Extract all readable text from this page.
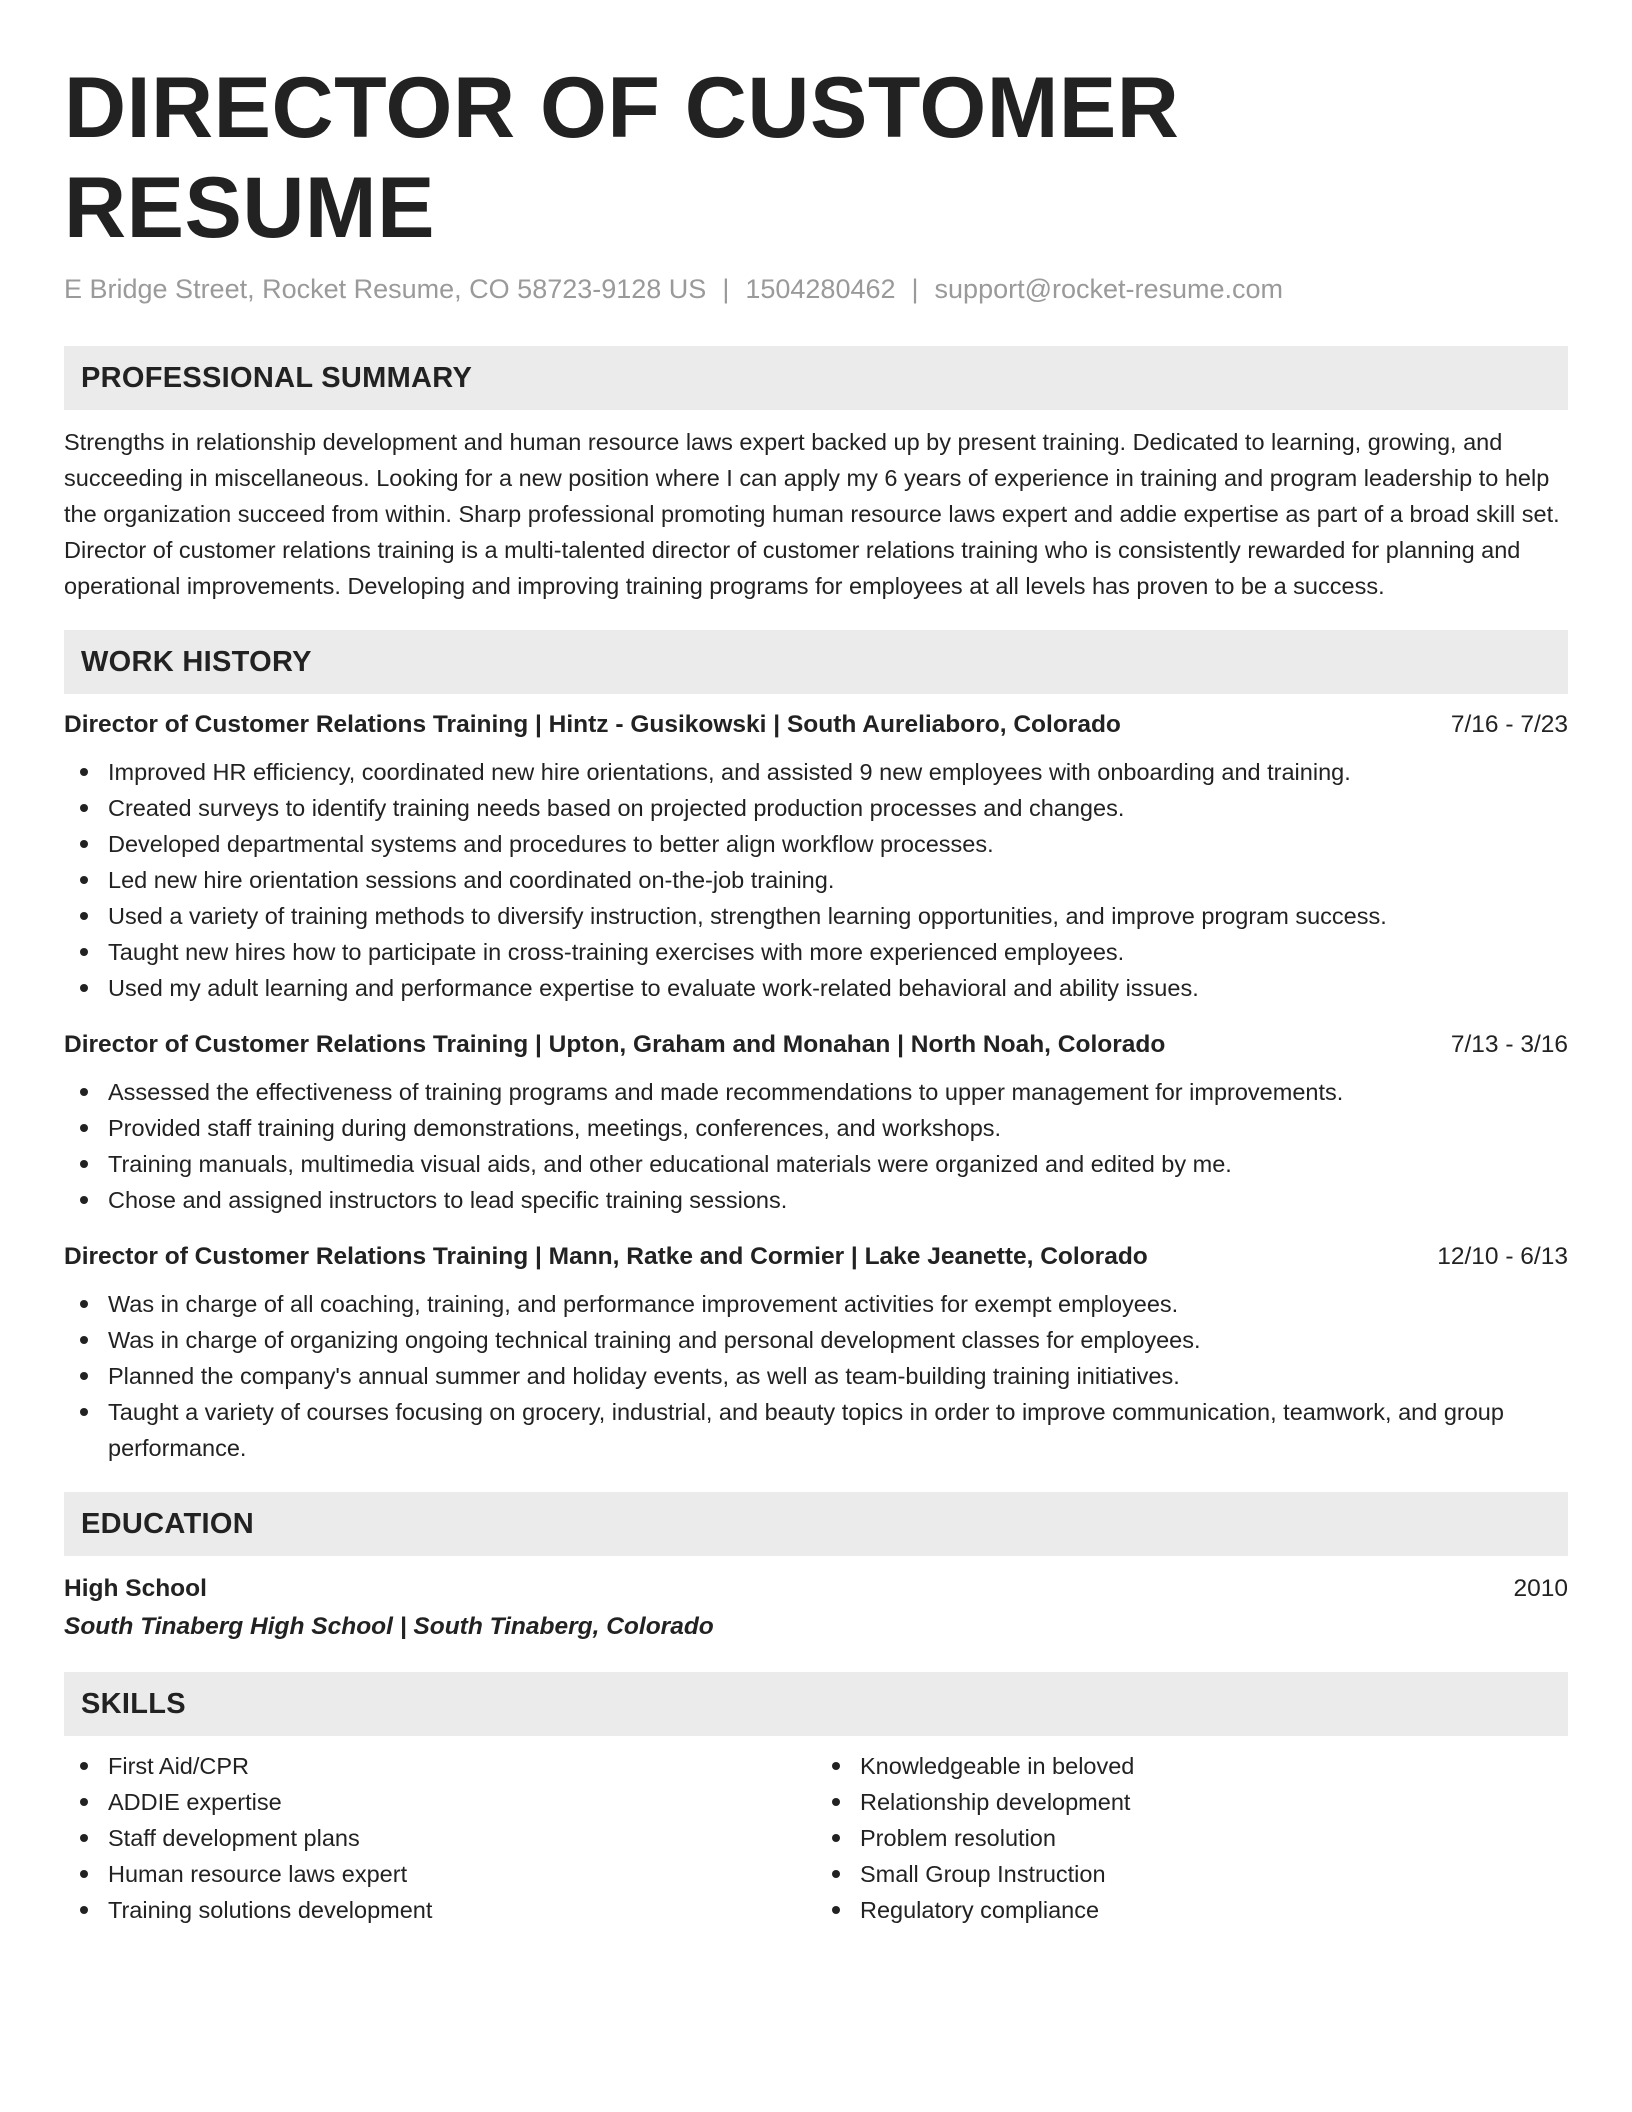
DIRECTOR OF CUSTOMER RESUME
E Bridge Street, Rocket Resume, CO 58723-9128 US | 1504280462 | support@rocket-resume.com
PROFESSIONAL SUMMARY

Strengths in relationship development and human resource laws expert backed up by present training. Dedicated to learning, growing, and succeeding in miscellaneous. Looking for a new position where I can apply my 6 years of experience in training and program leadership to help the organization succeed from within. Sharp professional promoting human resource laws expert and addie expertise as part of a broad skill set. Director of customer relations training is a multi-talented director of customer relations training who is consistently rewarded for planning and operational improvements. Developing and improving training programs for employees at all levels has proven to be a success.

WORK HISTORY
Director of Customer Relations Training | Hintz - Gusikowski | South Aureliaboro, Colorado	7/16 - 7/23
Improved HR efficiency, coordinated new hire orientations, and assisted 9 new employees with onboarding and training.
Created surveys to identify training needs based on projected production processes and changes.
Developed departmental systems and procedures to better align workflow processes.
Led new hire orientation sessions and coordinated on-the-job training.
Used a variety of training methods to diversify instruction, strengthen learning opportunities, and improve program success.
Taught new hires how to participate in cross-training exercises with more experienced employees.
Used my adult learning and performance expertise to evaluate work-related behavioral and ability issues.
Director of Customer Relations Training | Upton, Graham and Monahan | North Noah, Colorado	7/13 - 3/16
Assessed the effectiveness of training programs and made recommendations to upper management for improvements.
Provided staff training during demonstrations, meetings, conferences, and workshops.
Training manuals, multimedia visual aids, and other educational materials were organized and edited by me.
Chose and assigned instructors to lead specific training sessions.
Director of Customer Relations Training | Mann, Ratke and Cormier | Lake Jeanette, Colorado	12/10 - 6/13
Was in charge of all coaching, training, and performance improvement activities for exempt employees.
Was in charge of organizing ongoing technical training and personal development classes for employees.
Planned the company's annual summer and holiday events, as well as team-building training initiatives.
Taught a variety of courses focusing on grocery, industrial, and beauty topics in order to improve communication, teamwork, and group performance.
EDUCATION
High School	2010
South Tinaberg High School | South Tinaberg, Colorado
SKILLS
First Aid/CPR
ADDIE expertise
Staff development plans
Human resource laws expert
Training solutions development
Knowledgeable in beloved
Relationship development
Problem resolution
Small Group Instruction
Regulatory compliance
